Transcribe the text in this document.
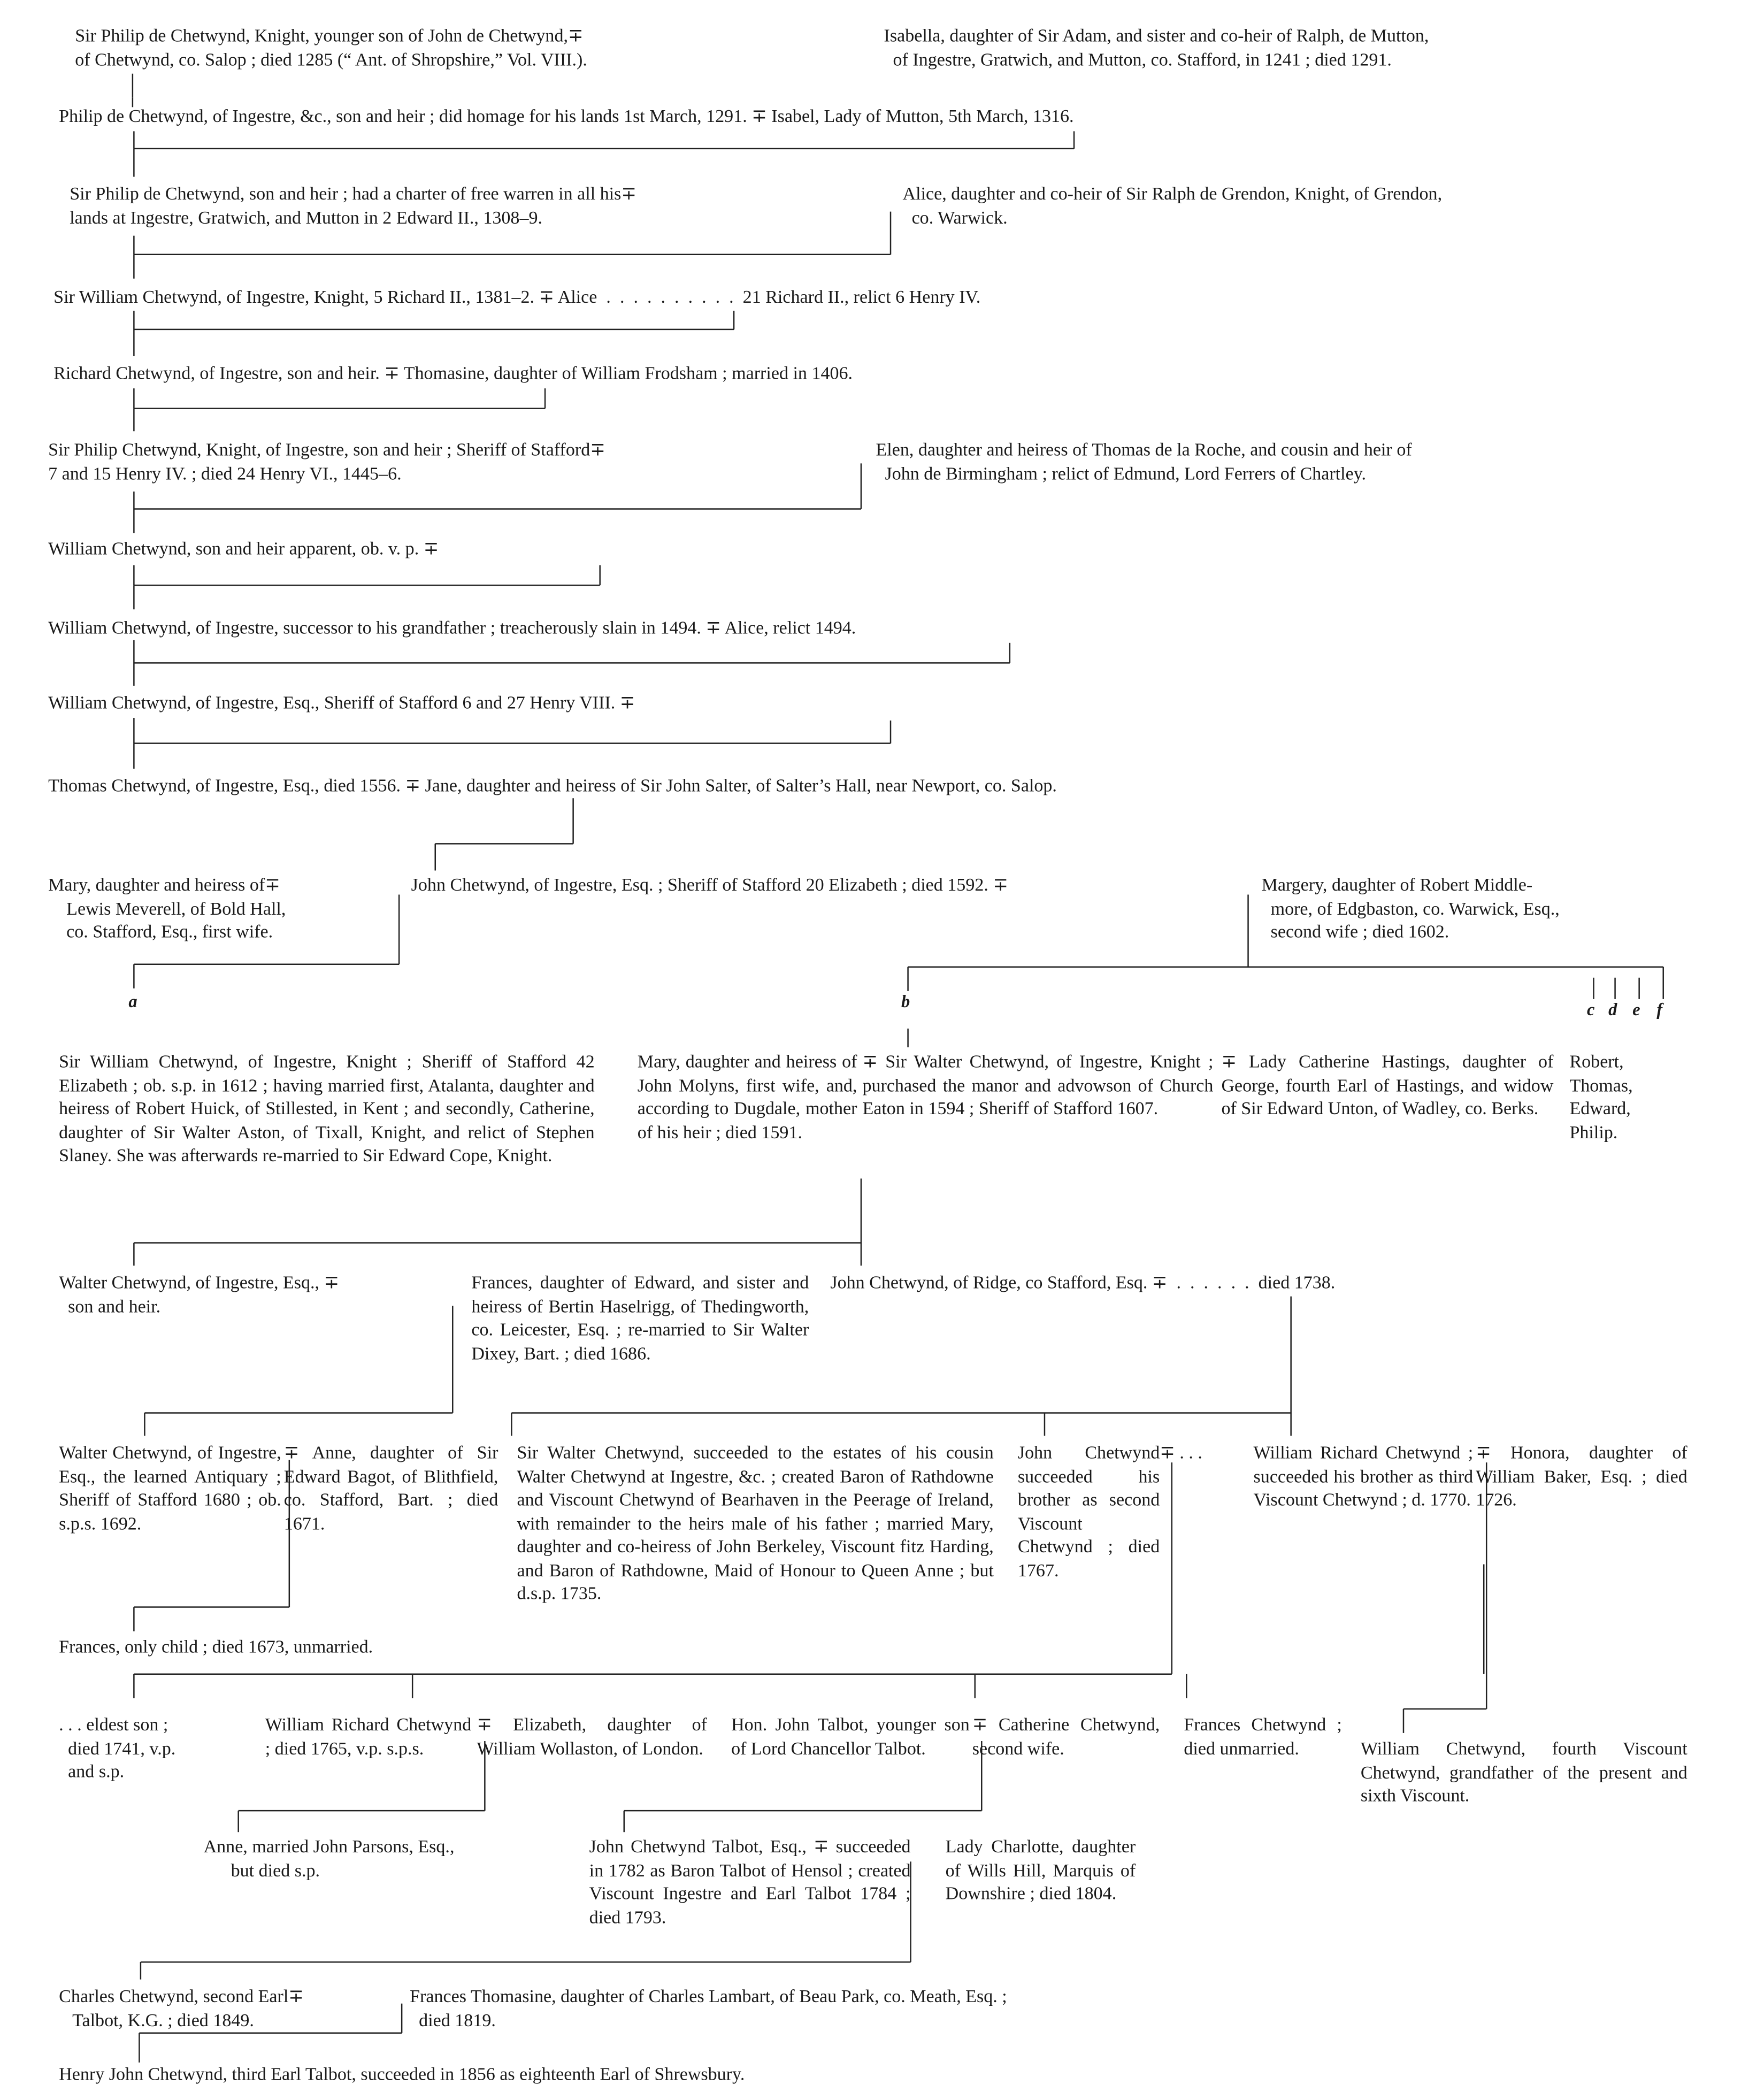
Sir Philip de Chetwynd, Knight, younger son of John de Chetwynd,∓
of Chetwynd, co. Salop ; died 1285 (“ Ant. of Shropshire,” Vol. VIII.).
Isabella, daughter of Sir Adam, and sister and co-heir of Ralph, de Mutton,
of Ingestre, Gratwich, and Mutton, co. Stafford, in 1241 ; died 1291.
Philip de Chetwynd, of Ingestre, &c., son and heir ; did homage for his lands 1st March, 1291. ∓ Isabel, Lady of Mutton, 5th March, 1316.
Sir Philip de Chetwynd, son and heir ; had a charter of free warren in all his∓
lands at Ingestre, Gratwich, and Mutton in 2 Edward II., 1308–9.
Alice, daughter and co-heir of Sir Ralph de Grendon, Knight, of Grendon,
co. Warwick.
Sir William Chetwynd, of Ingestre, Knight, 5 Richard II., 1381–2. ∓ Alice  .  .  .  .  .  .  .  .  .  .  21 Richard II., relict 6 Henry IV.
Richard Chetwynd, of Ingestre, son and heir. ∓ Thomasine, daughter of William Frodsham ; married in 1406.
Sir Philip Chetwynd, Knight, of Ingestre, son and heir ; Sheriff of Stafford∓
7 and 15 Henry IV. ; died 24 Henry VI., 1445–6.
Elen, daughter and heiress of Thomas de la Roche, and cousin and heir of
John de Birmingham ; relict of Edmund, Lord Ferrers of Chartley.
William Chetwynd, son and heir apparent, ob. v. p. ∓
William Chetwynd, of Ingestre, successor to his grandfather ; treacherously slain in 1494. ∓ Alice, relict 1494.
William Chetwynd, of Ingestre, Esq., Sheriff of Stafford 6 and 27 Henry VIII. ∓
Thomas Chetwynd, of Ingestre, Esq., died 1556. ∓ Jane, daughter and heiress of Sir John Salter, of Salter’s Hall, near Newport, co. Salop.
Mary, daughter and heiress of∓
Lewis Meverell, of Bold Hall,
co. Stafford, Esq., first wife.
John Chetwynd, of Ingestre, Esq. ; Sheriff of Stafford 20 Elizabeth ; died 1592. ∓	Margery, daughter of Robert Middle-
more, of Edgbaston, co. Warwick, Esq.,
second wife ; died 1602.
a	b	c d e f
Sir William Chetwynd, of Ingestre, Knight ; Sheriff of Stafford 42 Elizabeth ; ob. s.p. in 1612 ; having married first, Atalanta, daughter and heiress of Robert Huick, of Stillested, in Kent ; and secondly, Catherine, daughter of Sir Walter Aston, of Tixall, Knight, and relict of Stephen Slaney. She was afterwards re-married to Sir Edward Cope, Knight.
Mary, daughter and heiress of John Molyns, first wife, and, according to Dugdale, mother of his heir ; died 1591.
∓ Sir Walter Chetwynd, of Ingestre, Knight ; purchased the manor and advowson of Church Eaton in 1594 ; Sheriff of Stafford 1607.
∓ Lady Catherine Hastings, daughter of George, fourth Earl of Hastings, and widow of Sir Edward Unton, of Wadley, co. Berks.
Robert,
Thomas,
Edward,
Philip.
Walter Chetwynd, of Ingestre, Esq., ∓
son and heir.
Frances, daughter of Edward, and sister and heiress of Bertin Haselrigg, of Thedingworth, co. Leicester, Esq. ; re-married to Sir Walter Dixey, Bart. ; died 1686.
John Chetwynd, of Ridge, co Stafford, Esq. ∓  .  .  .  .  .  .  died 1738.
Walter Chetwynd, of Ingestre, Esq., the learned Antiquary ; Sheriff of Stafford 1680 ; ob. s.p.s. 1692.
∓ Anne, daughter of Sir Edward Bagot, of Blithfield, co. Stafford, Bart. ; died 1671.
Sir Walter Chetwynd, succeeded to the estates of his cousin Walter Chetwynd at Ingestre, &c. ; created Baron of Rathdowne and Viscount Chetwynd of Bearhaven in the Peerage of Ireland, with remainder to the heirs male of his father ; married Mary, daughter and co-heiress of John Berkeley, Viscount fitz Harding, and Baron of Rathdowne, Maid of Honour to Queen Anne ; but d.s.p. 1735.
John Chetwynd succeeded his brother as second Viscount Chetwynd ; died 1767.
∓ . . .	William Richard Chetwynd ; succeeded his brother as third Viscount Chetwynd ; d. 1770.
∓ Honora, daughter of William Baker, Esq. ; died 1726.
Frances, only child ; died 1673, unmarried.
. . . eldest son ;
died 1741, v.p.
and s.p.
William Richard Chetwynd ; died 1765, v.p. s.p.s.
∓ Elizabeth, daughter of William Wollaston, of London.
Hon. John Talbot, younger son of Lord Chancellor Talbot.
∓ Catherine Chetwynd, second wife.
Frances Chetwynd ; died unmarried.	William Chetwynd, fourth Viscount Chetwynd, grandfather of the present and sixth Viscount.
Anne, married John Parsons, Esq.,
but died s.p.
John Chetwynd Talbot, Esq., ∓ succeeded in 1782 as Baron Talbot of Hensol ; created Viscount Ingestre and Earl Talbot 1784 ; died 1793.
Lady Charlotte, daughter of Wills Hill, Marquis of Downshire ; died 1804.
Charles Chetwynd, second Earl∓
Talbot, K.G. ; died 1849.
Frances Thomasine, daughter of Charles Lambart, of Beau Park, co. Meath, Esq. ;
died 1819.
Henry John Chetwynd, third Earl Talbot, succeeded in 1856 as eighteenth Earl of Shrewsbury.
